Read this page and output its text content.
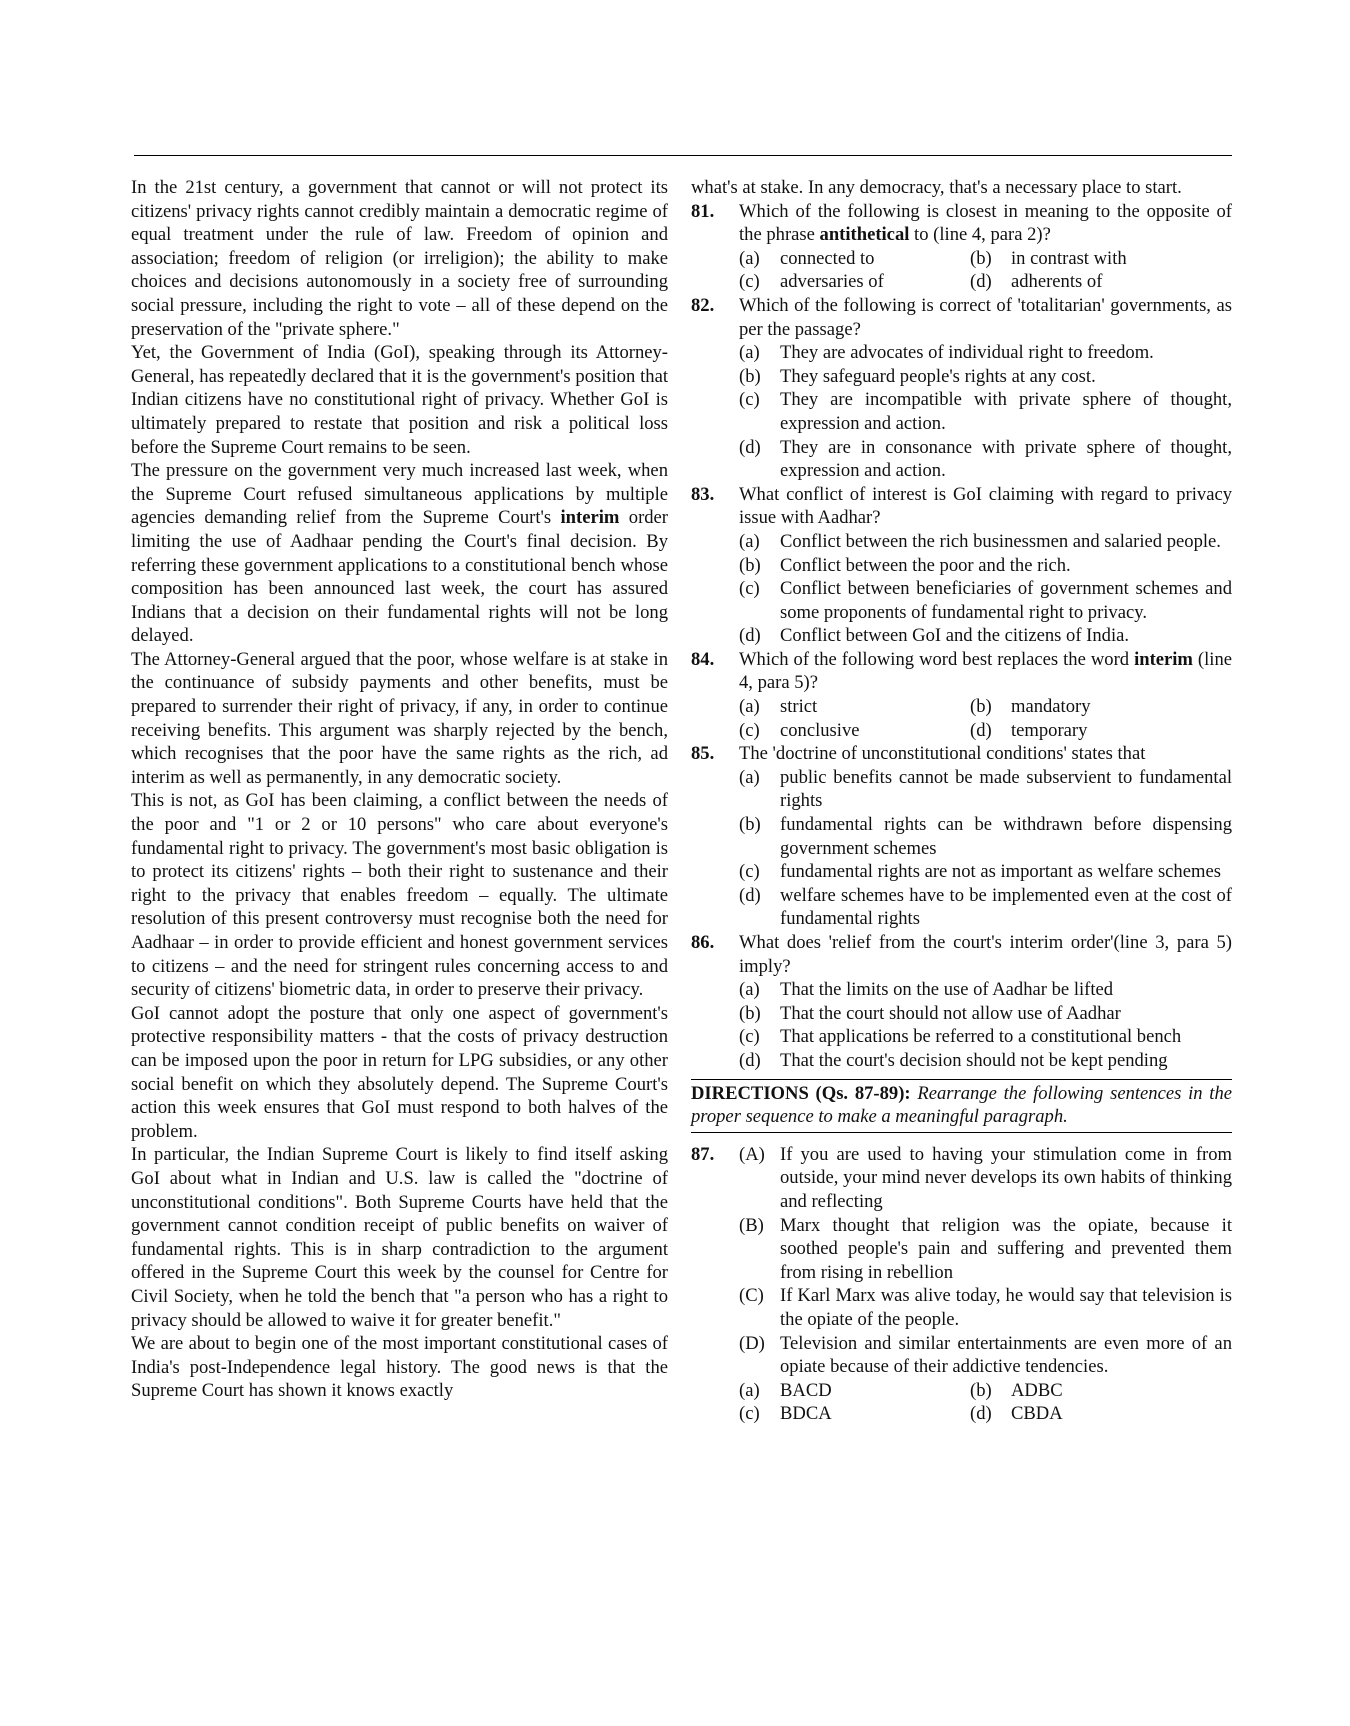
In the 21st century, a government that cannot or will not protect its citizens' privacy rights cannot credibly maintain a democratic regime of equal treatment under the rule of law. Freedom of opinion and association; freedom of religion (or irreligion); the ability to make choices and decisions autonomously in a society free of surrounding social pressure, including the right to vote – all of these depend on the preservation of the "private sphere."

Yet, the Government of India (GoI), speaking through its Attorney-General, has repeatedly declared that it is the government's position that Indian citizens have no constitutional right of privacy. Whether GoI is ultimately prepared to restate that position and risk a political loss before the Supreme Court remains to be seen.

The pressure on the government very much increased last week, when the Supreme Court refused simultaneous applications by multiple agencies demanding relief from the Supreme Court's interim order limiting the use of Aadhaar pending the Court's final decision. By referring these government applications to a constitutional bench whose composition has been announced last week, the court has assured Indians that a decision on their fundamental rights will not be long delayed.

The Attorney-General argued that the poor, whose welfare is at stake in the continuance of subsidy payments and other benefits, must be prepared to surrender their right of privacy, if any, in order to continue receiving benefits. This argument was sharply rejected by the bench, which recognises that the poor have the same rights as the rich, ad interim as well as permanently, in any democratic society.

This is not, as GoI has been claiming, a conflict between the needs of the poor and "1 or 2 or 10 persons" who care about everyone's fundamental right to privacy. The government's most basic obligation is to protect its citizens' rights – both their right to sustenance and their right to the privacy that enables freedom – equally. The ultimate resolution of this present controversy must recognise both the need for Aadhaar – in order to provide efficient and honest government services to citizens – and the need for stringent rules concerning access to and security of citizens' biometric data, in order to preserve their privacy.

GoI cannot adopt the posture that only one aspect of government's protective responsibility matters - that the costs of privacy destruction can be imposed upon the poor in return for LPG subsidies, or any other social benefit on which they absolutely depend. The Supreme Court's action this week ensures that GoI must respond to both halves of the problem.

In particular, the Indian Supreme Court is likely to find itself asking GoI about what in Indian and U.S. law is called the "doctrine of unconstitutional conditions". Both Supreme Courts have held that the government cannot condition receipt of public benefits on waiver of fundamental rights. This is in sharp contradiction to the argument offered in the Supreme Court this week by the counsel for Centre for Civil Society, when he told the bench that "a person who has a right to privacy should be allowed to waive it for greater benefit."

We are about to begin one of the most important constitutional cases of India's post-Independence legal history. The good news is that the Supreme Court has shown it knows exactly

what's at stake. In any democracy, that's a necessary place to start.

81.	Which of the following is closest in meaning to the opposite of the phrase antithetical to (line 4, para 2)?
(a)	connected to	(b)	in contrast with
(c)	adversaries of	(d)	adherents of
82.	Which of the following is correct of 'totalitarian' governments, as per the passage?
(a)	They are advocates of individual right to freedom.
(b)	They safeguard people's rights at any cost.
(c)	They are incompatible with private sphere of thought, expression and action.
(d)	They are in consonance with private sphere of thought, expression and action.
83.	What conflict of interest is GoI claiming with regard to privacy issue with Aadhar?
(a)	Conflict between the rich businessmen and salaried people.
(b)	Conflict between the poor and the rich.
(c)	Conflict between beneficiaries of government schemes and some proponents of fundamental right to privacy.
(d)	Conflict between GoI and the citizens of India.
84.	Which of the following word best replaces the word interim (line 4, para 5)?
(a)	strict	(b)	mandatory
(c)	conclusive	(d)	temporary
85.	The 'doctrine of unconstitutional conditions' states that
(a)	public benefits cannot be made subservient to fundamental rights
(b)	fundamental rights can be withdrawn before dispensing government schemes
(c)	fundamental rights are not as important as welfare schemes
(d)	welfare schemes have to be implemented even at the cost of fundamental rights
86.	What does 'relief from the court's interim order'(line 3, para 5) imply?
(a)	That the limits on the use of Aadhar be lifted
(b)	That the court should not allow use of Aadhar
(c)	That applications be referred to a constitutional bench
(d)	That the court's decision should not be kept pending
DIRECTIONS (Qs. 87-89): Rearrange the following sentences in the proper sequence to make a meaningful paragraph.
87.	(A) If you are used to having your stimulation come in from outside, your mind never develops its own habits of thinking and reflecting
(B) Marx thought that religion was the opiate, because it soothed people's pain and suffering and prevented them from rising in rebellion
(C) If Karl Marx was alive today, he would say that television is the opiate of the people.
(D) Television and similar entertainments are even more of an opiate because of their addictive tendencies.
(a)	BACD	(b)	ADBC
(c)	BDCA	(d)	CBDA
